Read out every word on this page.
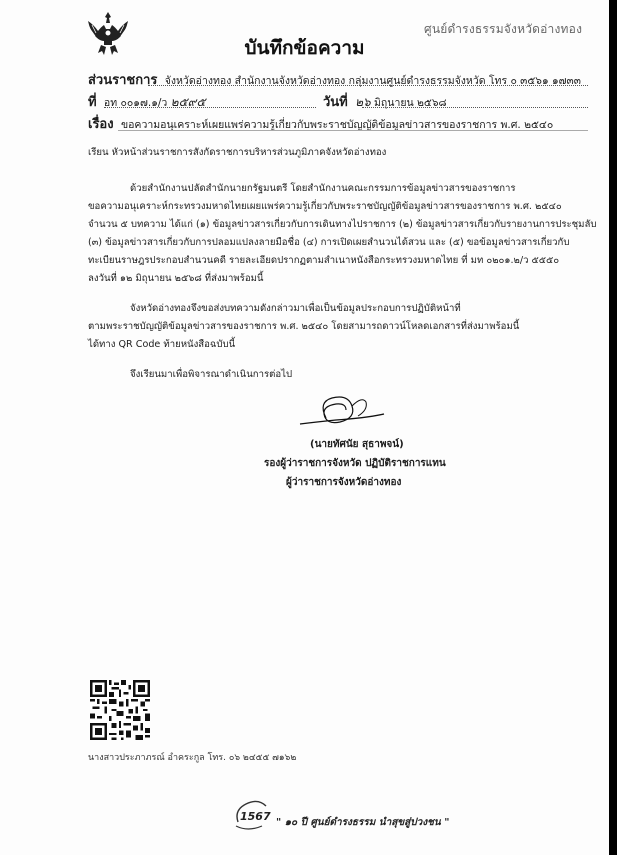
ศูนย์ดำรงธรรมจังหวัดอ่างทอง
บันทึกข้อความ
ส่วนราชการ จังหวัดอ่างทอง สำนักงานจังหวัดอ่างทอง กลุ่มงานศูนย์ดำรงธรรมจังหวัด โทร ๐ ๓๕๖๑ ๑๗๓๓
ที่ อท ๐๐๑๗.๑/ว ๒๕๙๕	วันที่ ๒๖ มิถุนายน ๒๕๖๘
เรื่อง ขอความอนุเคราะห์เผยแพร่ความรู้เกี่ยวกับพระราชบัญญัติข้อมูลข่าวสารของราชการ พ.ศ. ๒๕๔๐
เรียน หัวหน้าส่วนราชการสังกัดราชการบริหารส่วนภูมิภาคจังหวัดอ่างทอง
ด้วยสำนักงานปลัดสำนักนายกรัฐมนตรี โดยสำนักงานคณะกรรมการข้อมูลข่าวสารของราชการ
ขอความอนุเคราะห์กระทรวงมหาดไทยเผยแพร่ความรู้เกี่ยวกับพระราชบัญญัติข้อมูลข่าวสารของราชการ พ.ศ. ๒๕๔๐
จำนวน ๕ บทความ ได้แก่ (๑) ข้อมูลข่าวสารเกี่ยวกับการเดินทางไปราชการ (๒) ข้อมูลข่าวสารเกี่ยวกับรายงานการประชุมลับ
(๓) ข้อมูลข่าวสารเกี่ยวกับการปลอมแปลงลายมือชื่อ (๔) การเปิดเผยสำนวนได้สวน และ (๕) ขอข้อมูลข่าวสารเกี่ยวกับ
ทะเบียนราษฎรประกอบสำนวนคดี รายละเอียดปรากฏตามสำเนาหนังสือกระทรวงมหาดไทย ที่ มท ๐๒๐๑.๒/ว ๕๕๕๐
ลงวันที่ ๑๒ มิถุนายน ๒๕๖๘ ที่ส่งมาพร้อมนี้
จังหวัดอ่างทองจึงขอส่งบทความดังกล่าวมาเพื่อเป็นข้อมูลประกอบการปฏิบัติหน้าที่
ตามพระราชบัญญัติข้อมูลข่าวสารของราชการ พ.ศ. ๒๕๔๐ โดยสามารถดาวน์โหลดเอกสารที่ส่งมาพร้อมนี้
ได้ทาง QR Code ท้ายหนังสือฉบับนี้
จึงเรียนมาเพื่อพิจารณาดำเนินการต่อไป
(นายทัศนัย สุธาพจน์)
รองผู้ว่าราชการจังหวัด ปฏิบัติราชการแทน
ผู้ว่าราชการจังหวัดอ่างทอง
นางสาวประภาภรณ์ อำคระกูล โทร. ๐๖ ๒๔๕๕ ๗๑๖๒
1567 " ๑๐ ปี ศูนย์ดำรงธรรม นำสุขสู่ปวงชน "
